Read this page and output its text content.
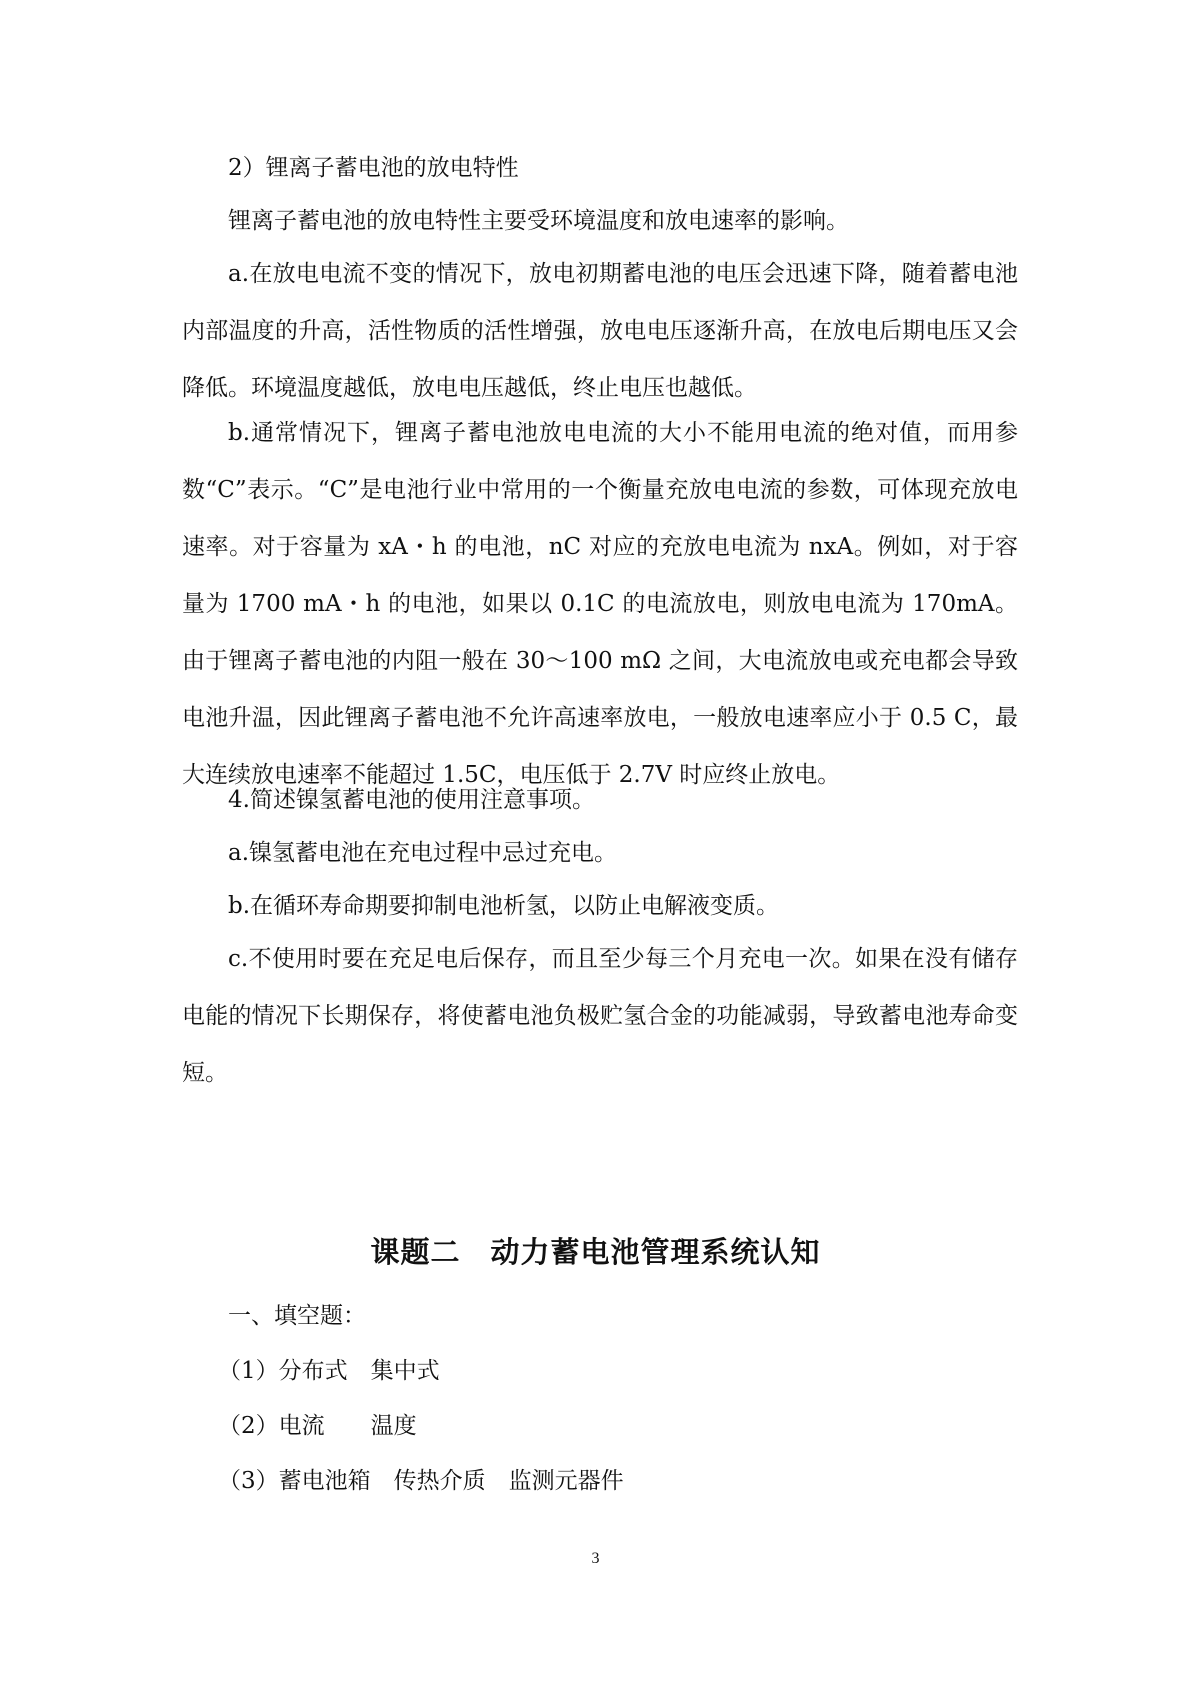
2）锂离子蓄电池的放电特性

锂离子蓄电池的放电特性主要受环境温度和放电速率的影响。

a.在放电电流不变的情况下，放电初期蓄电池的电压会迅速下降，随着蓄电池内部温度的升高，活性物质的活性增强，放电电压逐渐升高，在放电后期电压又会降低。环境温度越低，放电电压越低，终止电压也越低。

b.通常情况下，锂离子蓄电池放电电流的大小不能用电流的绝对值，而用参数“C”表示。“C”是电池行业中常用的一个衡量充放电电流的参数，可体现充放电速率。对于容量为 xA・h 的电池，nC 对应的充放电电流为 nxA。例如，对于容量为 1700 mA・h 的电池，如果以 0.1C 的电流放电，则放电电流为 170mA。由于锂离子蓄电池的内阻一般在 30～100 mΩ 之间，大电流放电或充电都会导致电池升温，因此锂离子蓄电池不允许高速率放电，一般放电速率应小于 0.5 C，最大连续放电速率不能超过 1.5C，电压低于 2.7V 时应终止放电。

4.简述镍氢蓄电池的使用注意事项。

a.镍氢蓄电池在充电过程中忌过充电。

b.在循环寿命期要抑制电池析氢，以防止电解液变质。

c.不使用时要在充足电后保存，而且至少每三个月充电一次。如果在没有储存电能的情况下长期保存，将使蓄电池负极贮氢合金的功能减弱，导致蓄电池寿命变短。

课题二　动力蓄电池管理系统认知

一、填空题：

（1）分布式　集中式

（2）电流　　温度

（3）蓄电池箱　传热介质　监测元器件

3
